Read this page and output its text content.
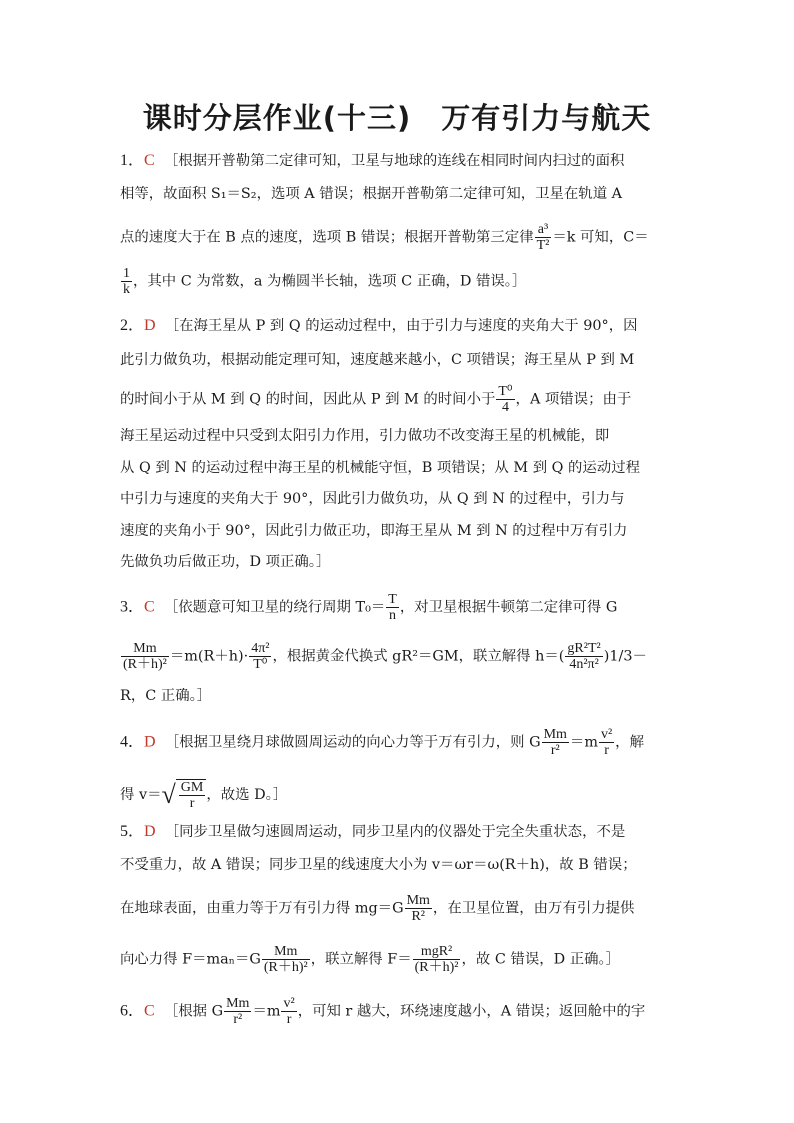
课时分层作业(十三) 万有引力与航天
1．C ［根据开普勒第二定律可知，卫星与地球的连线在相同时间内扫过的面积
相等，故面积 S₁＝S₂，选项 A 错误；根据开普勒第二定律可知，卫星在轨道 A
点的速度大于在 B 点的速度，选项 B 错误；根据开普勒第三定律 $\frac{\text{a³}}{\text{T²}} =k$ 可知，C＝
$\frac{1}{k}$ ，其中 C 为常数，a 为椭圆半长轴，选项 C 正确，D 错误。］
2．D ［在海王星从 P 到 Q 的运动过程中，由于引力与速度的夹角大于 90°，因
此引力做负功，根据动能定理可知，速度越来越小，C 项错误；海王星从 P 到 M
的时间小于从 M 到 Q 的时间，因此从 P 到 M 的时间小于 $\frac{\text{T⁰}}{4}$ ，A 项错误；由于
海王星运动过程中只受到太阳引力作用，引力做功不改变海王星的机械能，即
从 Q 到 N 的运动过程中海王星的机械能守恒，B 项错误；从 M 到 Q 的运动过程
中引力与速度的夹角大于 90°，因此引力做负功，从 Q 到 N 的过程中，引力与
速度的夹角小于 90°，因此引力做正功，即海王星从 M 到 N 的过程中万有引力
先做负功后做正功，D 项正确。］
3．C ［依题意可知卫星的绕行周期 $T_0= \frac{T}{n}$ ，对卫星根据牛顿第二定律可得 G
$\frac{Mm}{\text{(R＋h)²}} =m(R+h)\cdot \frac{\text{4π²}}{\text{T⁰}}$ ，根据黄金代换式 gR²＝GM，联立解得 $h=( \frac{\text{gR²T²}}{\text{4n²π²}} )1/3-$
R，C 正确。］
4．D ［根据卫星绕月球做圆周运动的向心力等于万有引力，则 G $\frac{Mm}{\text{r²}} =m \frac{\text{v²}}{r}$ ，解
得 $v=√ \frac{GM}{r}$ ，故选 D。］
5．D ［同步卫星做匀速圆周运动，同步卫星内的仪器处于完全失重状态，不是
不受重力，故 A 错误；同步卫星的线速度大小为 v＝ωr＝ω(R＋h)，故 B 错误；
在地球表面，由重力等于万有引力得 $mg=G \frac{Mm}{\text{R²}}$ ，在卫星位置，由万有引力提供
向心力得 $F=ma_n=G \frac{Mm}{\text{(R＋h)²}}$ ，联立解得 $F= \frac{\text{mgR²}}{\text{(R＋h)²}}$ ，故 C 错误，D 正确。］
6．C ［根据 G $\frac{Mm}{\text{r²}} =m \frac{\text{v²}}{r}$ ，可知 r 越大，环绕速度越小，A 错误；返回舱中的宇
